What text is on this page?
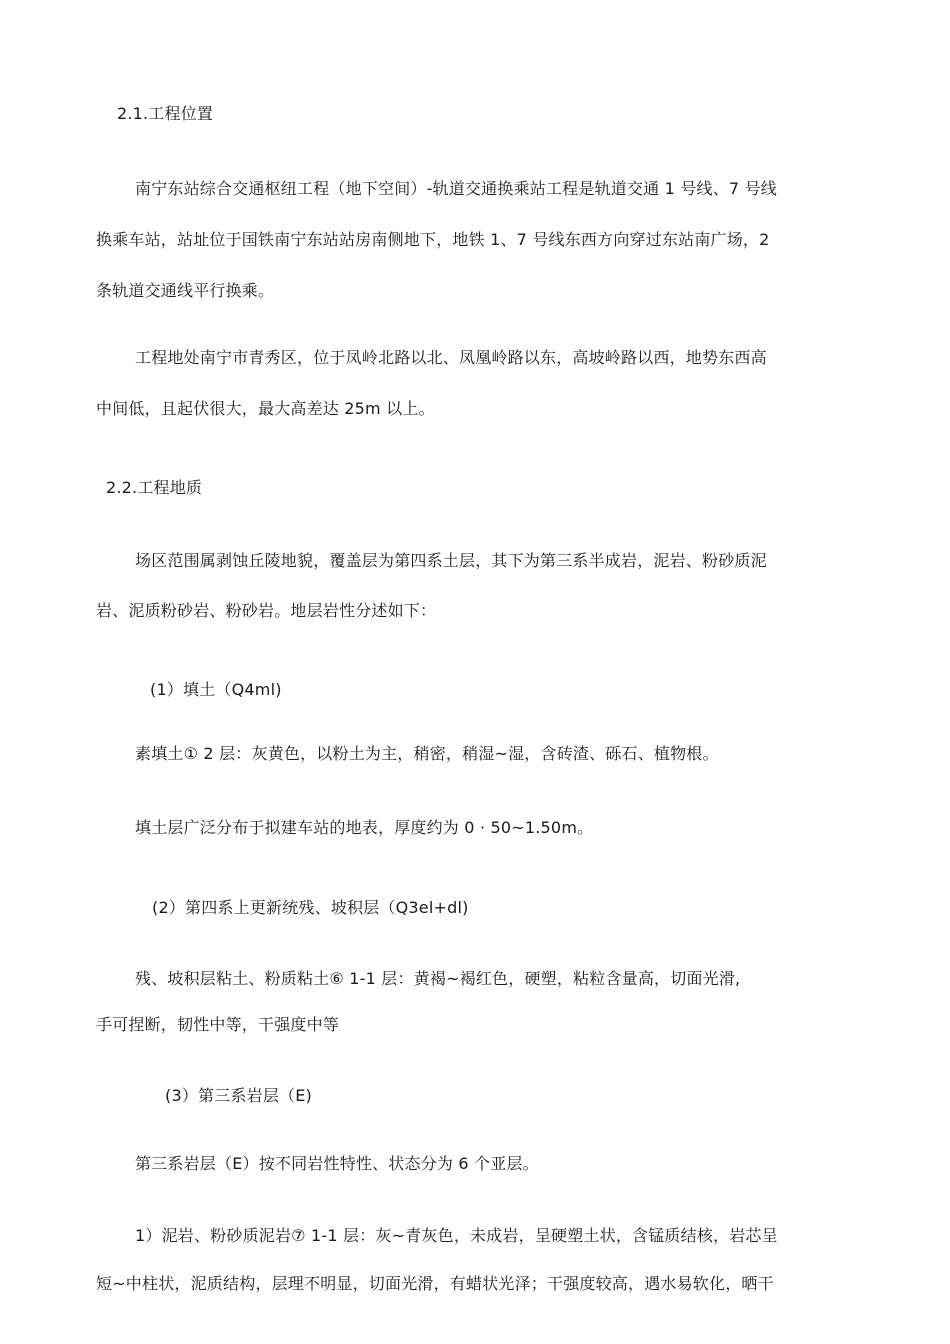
2.1.工程位置
南宁东站综合交通枢纽工程（地下空间）-轨道交通换乘站工程是轨道交通 1 号线、7 号线
换乘车站，站址位于国铁南宁东站站房南侧地下，地铁 1、7 号线东西方向穿过东站南广场，2
条轨道交通线平行换乘。
工程地处南宁市青秀区，位于凤岭北路以北、凤凰岭路以东，高坡岭路以西，地势东西高
中间低，且起伏很大，最大高差达 25m 以上。
2.2.工程地质
场区范围属剥蚀丘陵地貌，覆盖层为第四系土层，其下为第三系半成岩，泥岩、粉砂质泥
岩、泥质粉砂岩、粉砂岩。地层岩性分述如下：
(1）填土（Q4ml)
素填土① 2 层：灰黄色，以粉土为主，稍密，稍湿~湿，含砖渣、砾石、植物根。
填土层广泛分布于拟建车站的地表，厚度约为 0 · 50~1.50m。
(2）第四系上更新统残、坡积层（Q3el+dl)
残、坡积层粘土、粉质粘土⑥ 1-1 层：黄褐~褐红色，硬塑，粘粒含量高，切面光滑,
手可捏断，韧性中等，干强度中等
(3）第三系岩层（E)
第三系岩层（E）按不同岩性特性、状态分为 6 个亚层。
1）泥岩、粉砂质泥岩⑦ 1-1 层：灰~青灰色，未成岩，呈硬塑土状，含锰质结核，岩芯呈
短~中柱状，泥质结构，层理不明显，切面光滑，有蜡状光泽；干强度较高，遇水易软化，晒干
